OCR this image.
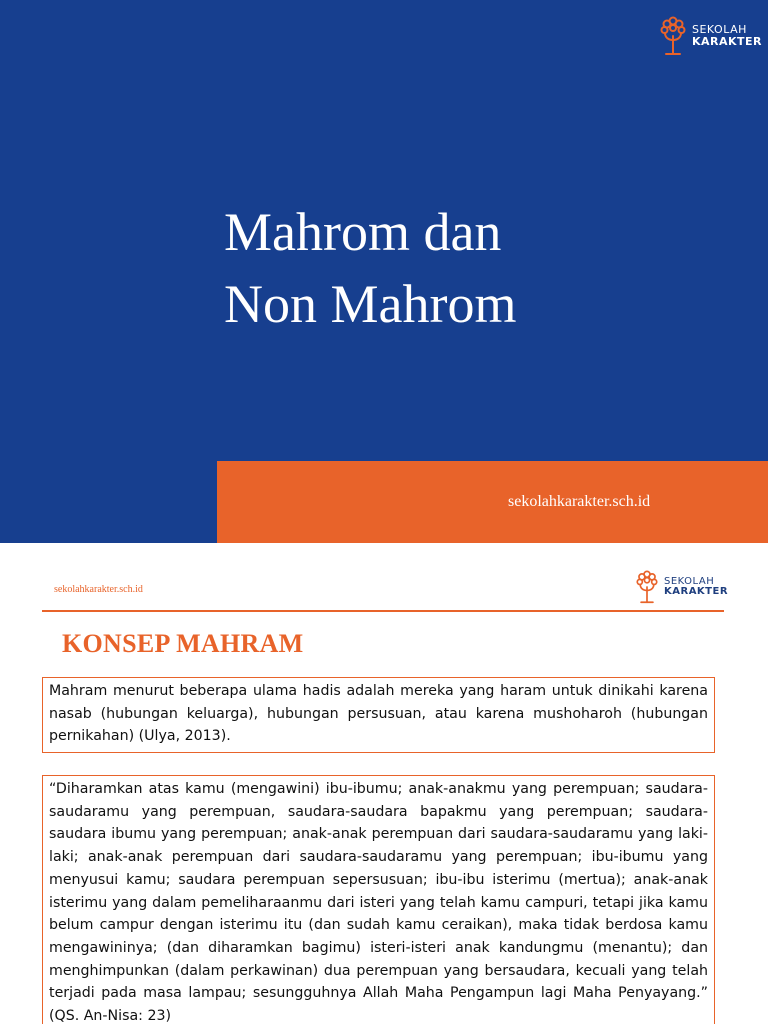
SEKOLAH
KARAKTER
Mahrom dan
Non Mahrom
sekolahkarakter.sch.id
sekolahkarakter.sch.id
SEKOLAH
KARAKTER
KONSEP MAHRAM
Mahram menurut beberapa ulama hadis adalah mereka yang haram untuk dinikahi karena nasab (hubungan keluarga), hubungan persusuan, atau karena mushoharoh (hubungan pernikahan) (Ulya, 2013).
“Diharamkan atas kamu (mengawini) ibu-ibumu; anak-anakmu yang perempuan; saudara-saudaramu yang perempuan, saudara-saudara bapakmu yang perempuan; saudara-saudara ibumu yang perempuan; anak-anak perempuan dari saudara-saudaramu yang laki-laki; anak-anak perempuan dari saudara-saudaramu yang perempuan; ibu-ibumu yang menyusui kamu; saudara perempuan sepersusuan; ibu-ibu isterimu (mertua); anak-anak isterimu yang dalam pemeliharaanmu dari isteri yang telah kamu campuri, tetapi jika kamu belum campur dengan isterimu itu (dan sudah kamu ceraikan), maka tidak berdosa kamu mengawininya; (dan diharamkan bagimu) isteri-isteri anak kandungmu (menantu); dan menghimpunkan (dalam perkawinan) dua perempuan yang bersaudara, kecuali yang telah terjadi pada masa lampau; sesungguhnya Allah Maha Pengampun lagi Maha Penyayang.” (QS. An-Nisa: 23)
